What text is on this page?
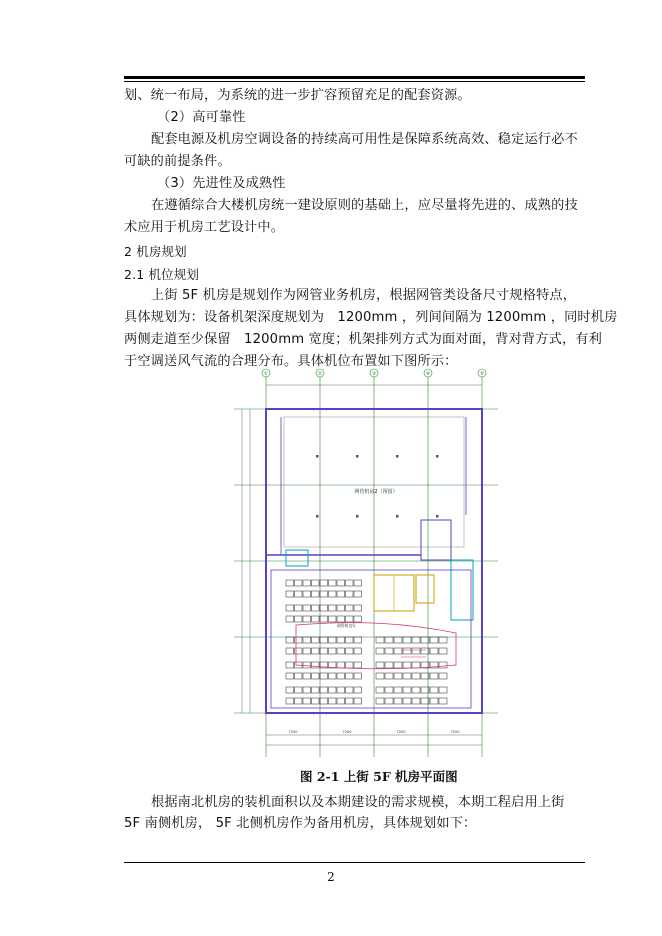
划、统一布局，为系统的进一步扩容预留充足的配套资源。
（2）高可靠性
配套电源及机房空调设备的持续高可用性是保障系统高效、稳定运行必不
可缺的前提条件。
（3）先进性及成熟性
在遵循综合大楼机房统一建设原则的基础上，应尽量将先进的、成熟的技
术应用于机房工艺设计中。
2 机房规划
2.1 机位规划
上街 5F 机房是规划作为网管业务机房，根据网管类设备尺寸规格特点，
具体规划为：设备机架深度规划为　1200mm ，列间间隔为 1200mm ，同时机房
两侧走道至少保留　1200mm 宽度；机架排列方式为面对面，背对背方式，有利
于空调送风气流的合理分布。具体机位布置如下图所示：
①	②	③	④	⑤
7200	7200	7200	7200
网管机房2（预留）
网管机房1
图 2-1 上街 5F 机房平面图
根据南北机房的装机面积以及本期建设的需求规模，本期工程启用上街
5F 南侧机房， 5F 北侧机房作为备用机房，具体规划如下：
2
